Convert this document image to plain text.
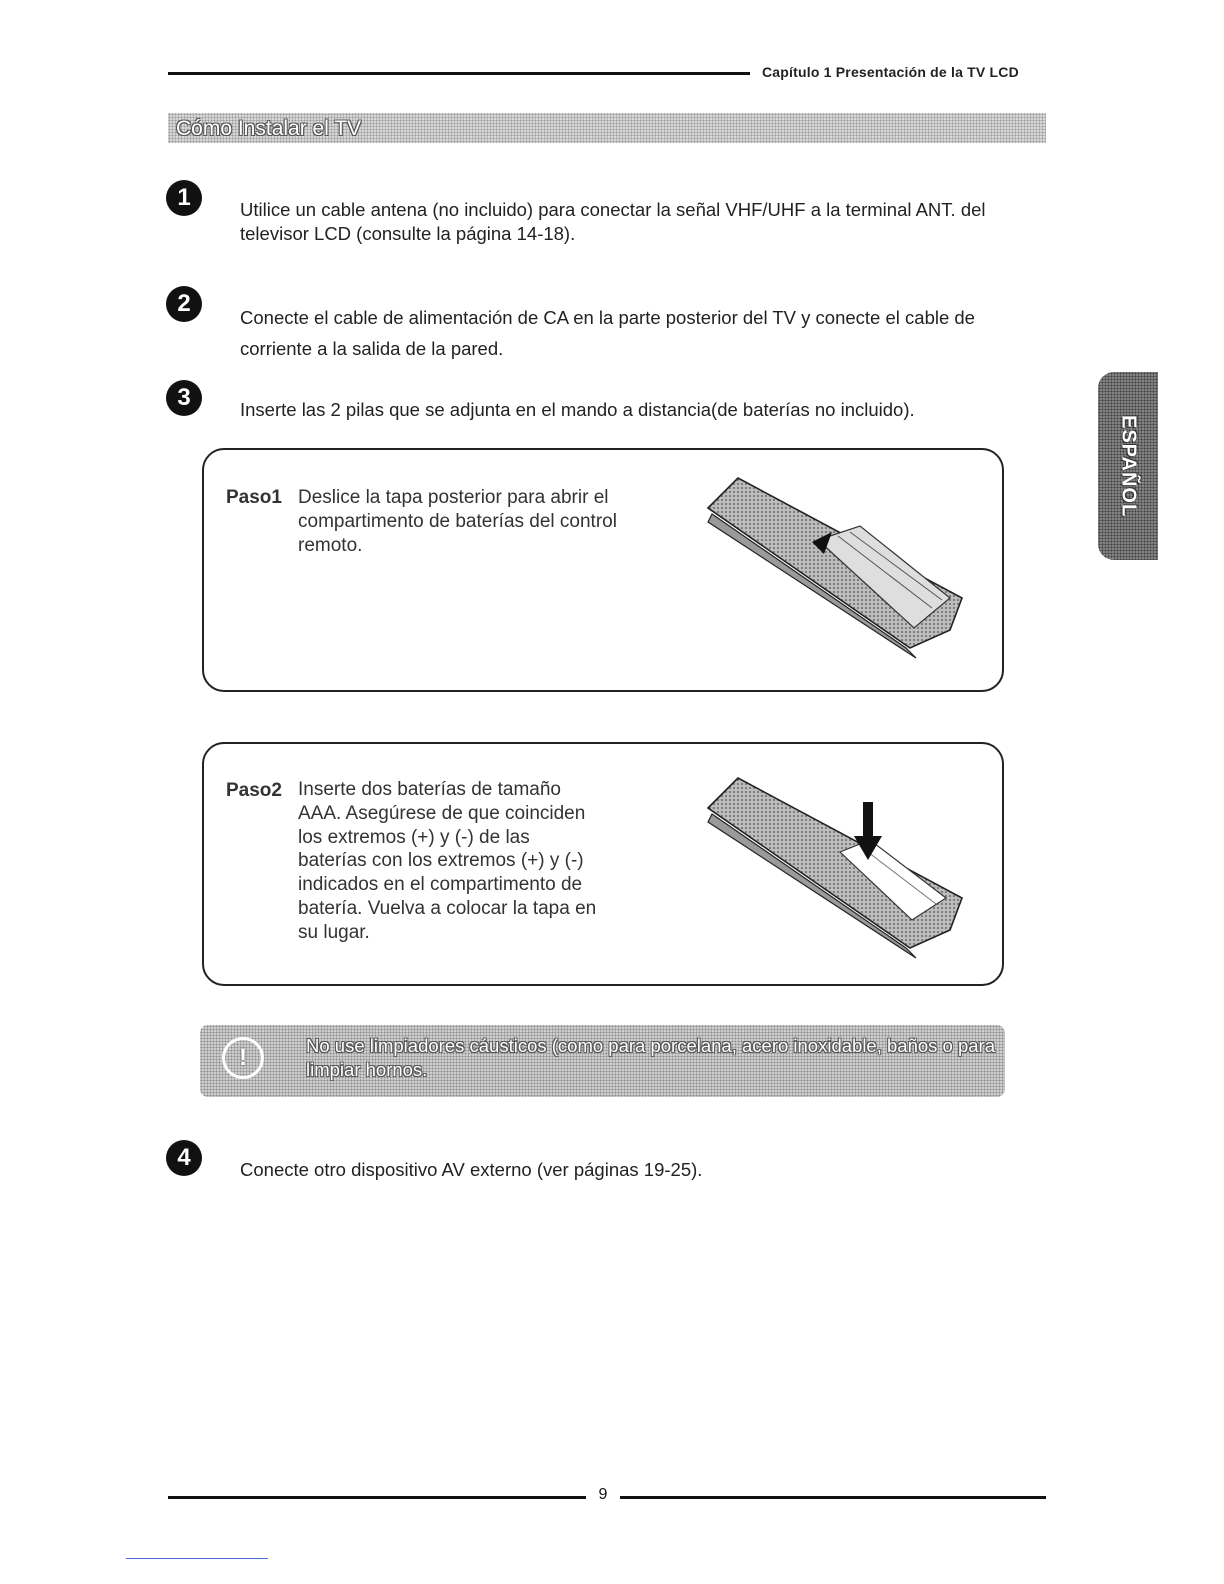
Capítulo 1 Presentación de la TV LCD
Cómo Instalar el TV
1	Utilice un cable antena (no incluido) para conectar la señal VHF/UHF a la terminal ANT. del televisor LCD (consulte la página 14-18).
2
Conecte el cable de alimentación de CA en la parte posterior del TV y conecte el cable de corriente a la salida de la pared.
3	Inserte las 2 pilas que se adjunta en el mando a distancia(de baterías no incluido).
Paso1 Deslice la tapa posterior para abrir el compartimento de baterías del control remoto.
Paso2 Inserte dos baterías de tamaño AAA. Asegúrese de que coinciden los extremos (+) y (-) de las baterías con los extremos (+) y (-) indicados en el compartimento de batería. Vuelva a colocar la tapa en su lugar.
!	No use limpiadores cáusticos (como para porcelana, acero inoxidable, baños o para limpiar hornos.
4	Conecte otro dispositivo AV externo (ver páginas 19-25).
ESPAÑOL
9
